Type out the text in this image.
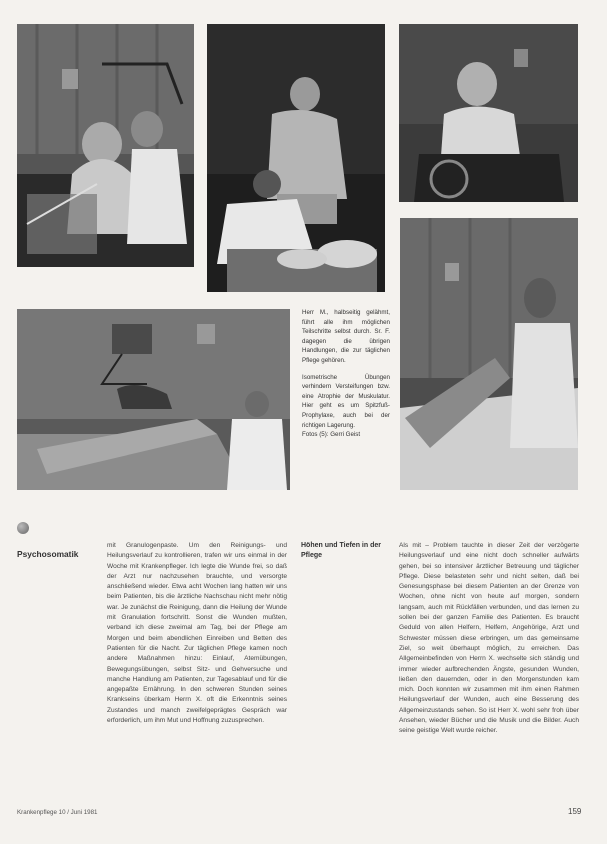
Herr M., halbseitig gelähmt, führt alle ihm möglichen Teilschritte selbst durch. Sr. F. dagegen die übrigen Handlungen, die zur täglichen Pflege gehören.

Isometrische Übungen verhindern Versteifungen bzw. eine Atrophie der Muskulatur. Hier geht es um Spitzfuß-Prophylaxe, auch bei der richtigen Lagerung.

Fotos (5): Gerri Geist

Psychosomatik

mit Granulogenpaste. Um den Reinigungs- und Heilungsverlauf zu kontrollieren, trafen wir uns einmal in der Woche mit Krankenpfleger. Ich legte die Wunde frei, so daß der Arzt nur nachzusehen brauchte, und versorgte anschließend wieder. Etwa acht Wochen lang hatten wir uns beim Patienten, bis die ärztliche Nachschau nicht mehr nötig war. Je zunächst die Reinigung, dann die Heilung der Wunde mit Granulation fortschritt. Sonst die Wunden mußten, verband ich diese zweimal am Tag, bei der Pflege am Morgen und beim abendlichen Einreiben und Betten des Patienten für die Nacht. Zur täglichen Pflege kamen noch andere Maßnahmen hinzu: Einlauf, Atemübungen, Bewegungsübungen, selbst Sitz- und Gehversuche und manche Handlung am Patienten, zur Tagesablauf und für die angepaßte Ernährung. In den schweren Stunden seines Krankseins überkam Herrn X. oft die Erkenntnis seines Zustandes und manch zweifelgeprägtes Gespräch war erforderlich, um ihm Mut und Hoffnung zuzusprechen.

Höhen und Tiefen in der Pflege

Als mit – Problem tauchte in dieser Zeit der verzögerte Heilungsverlauf und eine nicht doch schneller aufwärts gehen, bei so intensiver ärztlicher Betreuung und täglicher Pflege. Diese belasteten sehr und nicht selten, daß bei Genesungsphase bei diesem Patienten an der Grenze von Wochen, ohne nicht von heute auf morgen, sondern langsam, auch mit Rückfällen verbunden, und das lernen zu sollen bei der ganzen Familie des Patienten. Es braucht Geduld von allen Helfern, Helfern, Angehörige, Arzt und Schwester müssen diese erbringen, um das gemeinsame Ziel, so weit überhaupt möglich, zu erreichen. Das Allgemeinbefinden von Herrn X. wechselte sich ständig und immer wieder aufbrechenden Ängste, gesunden Wunden, ließen den dauernden, oder in den Morgenstunden kam mich. Doch konnten wir zusammen mit ihm einen Rahmen Heilungsverlauf der Wunden, auch eine Besserung des Allgemeinzustands sehen. So ist Herr X. wohl sehr froh über Ansehen, wieder Bücher und die Musik und die Bilder. Auch seine geistige Welt wurde reicher.

Krankenpflege 10 / Juni 1981	159
